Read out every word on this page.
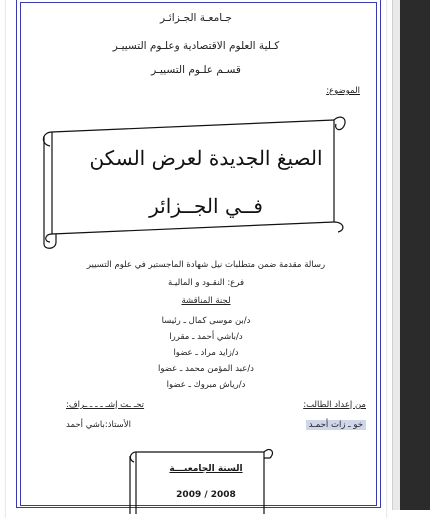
جـامعـة الجـزائـر
كـلية العلوم الاقتصادية وعلـوم التسييـر
قسـم علـوم التسييـر
الموضوع:
الصيغ الجديدة لعرض السكن
فــي الجــزائر
رسالة مقدمة ضمن متطلبات نيل شهادة الماجستير في علوم التسيير
فرع: النقـود و الماليـة
لجنة المناقشة
د/بن موسى كمال ـ رئيسا
د/باشي أحمد ـ مقررا
د/زايد مراد ـ عضوا
د/عبد المؤمن محمد ـ عضوا
د/رياش مبروك ـ عضوا
من إعداد الطالب:
خو ـ زات أحمـد
تحـ ـت إشـ ـ ـ ـ ـراف:
الأستاذ:باشي أحمد
السنة الجامعيـــة
2009 / 2008
